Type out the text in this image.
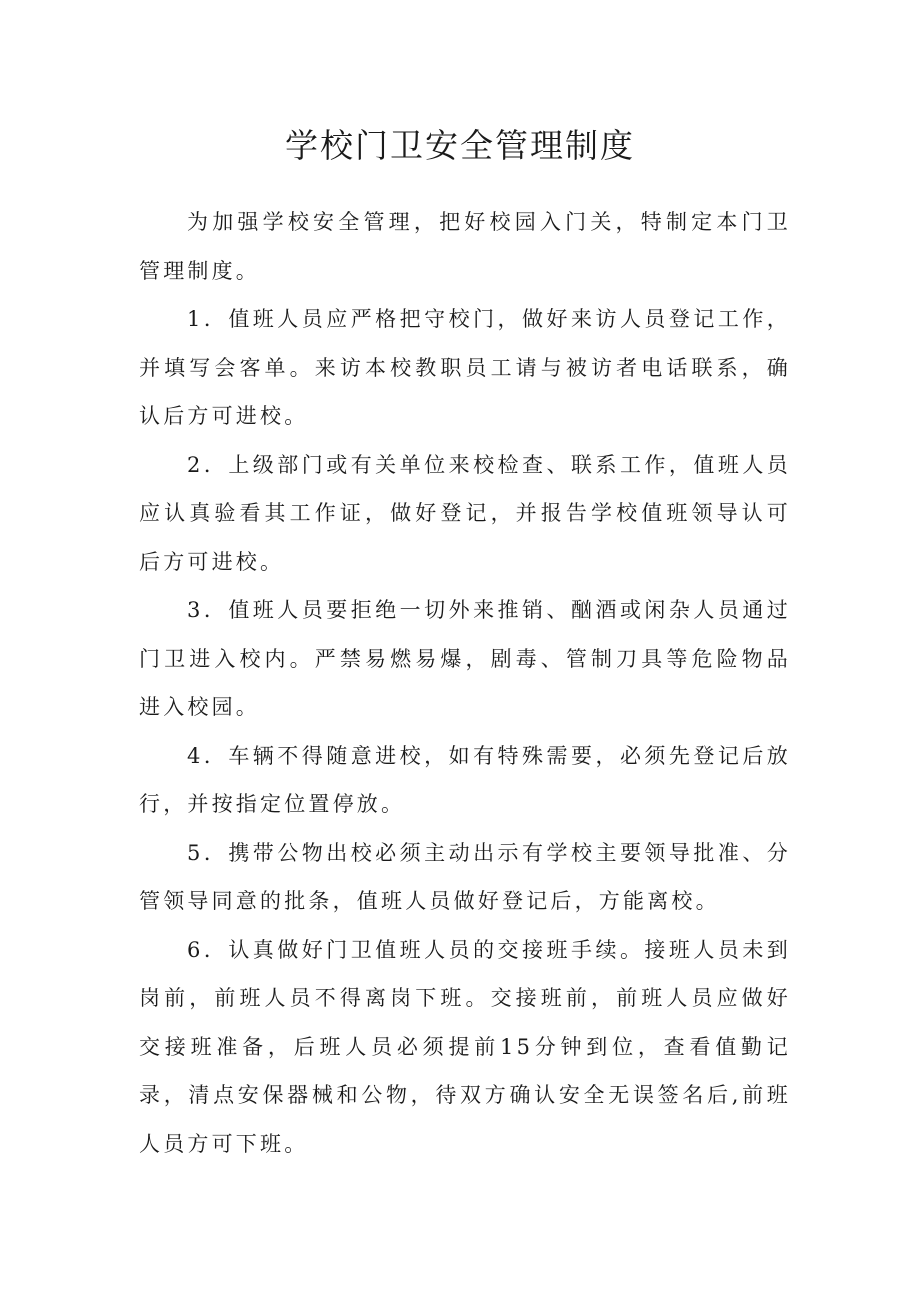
学校门卫安全管理制度

为加强学校安全管理，把好校园入门关，特制定本门卫管理制度。

1．值班人员应严格把守校门，做好来访人员登记工作，并填写会客单。来访本校教职员工请与被访者电话联系，确认后方可进校。

2．上级部门或有关单位来校检查、联系工作，值班人员应认真验看其工作证，做好登记，并报告学校值班领导认可后方可进校。

3．值班人员要拒绝一切外来推销、酗酒或闲杂人员通过门卫进入校内。严禁易燃易爆，剧毒、管制刀具等危险物品进入校园。

4．车辆不得随意进校，如有特殊需要，必须先登记后放行，并按指定位置停放。

5．携带公物出校必须主动出示有学校主要领导批准、分管领导同意的批条，值班人员做好登记后，方能离校。

6．认真做好门卫值班人员的交接班手续。接班人员未到岗前，前班人员不得离岗下班。交接班前，前班人员应做好交接班准备，后班人员必须提前15分钟到位，查看值勤记录，清点安保器械和公物，待双方确认安全无误签名后,前班人员方可下班。
